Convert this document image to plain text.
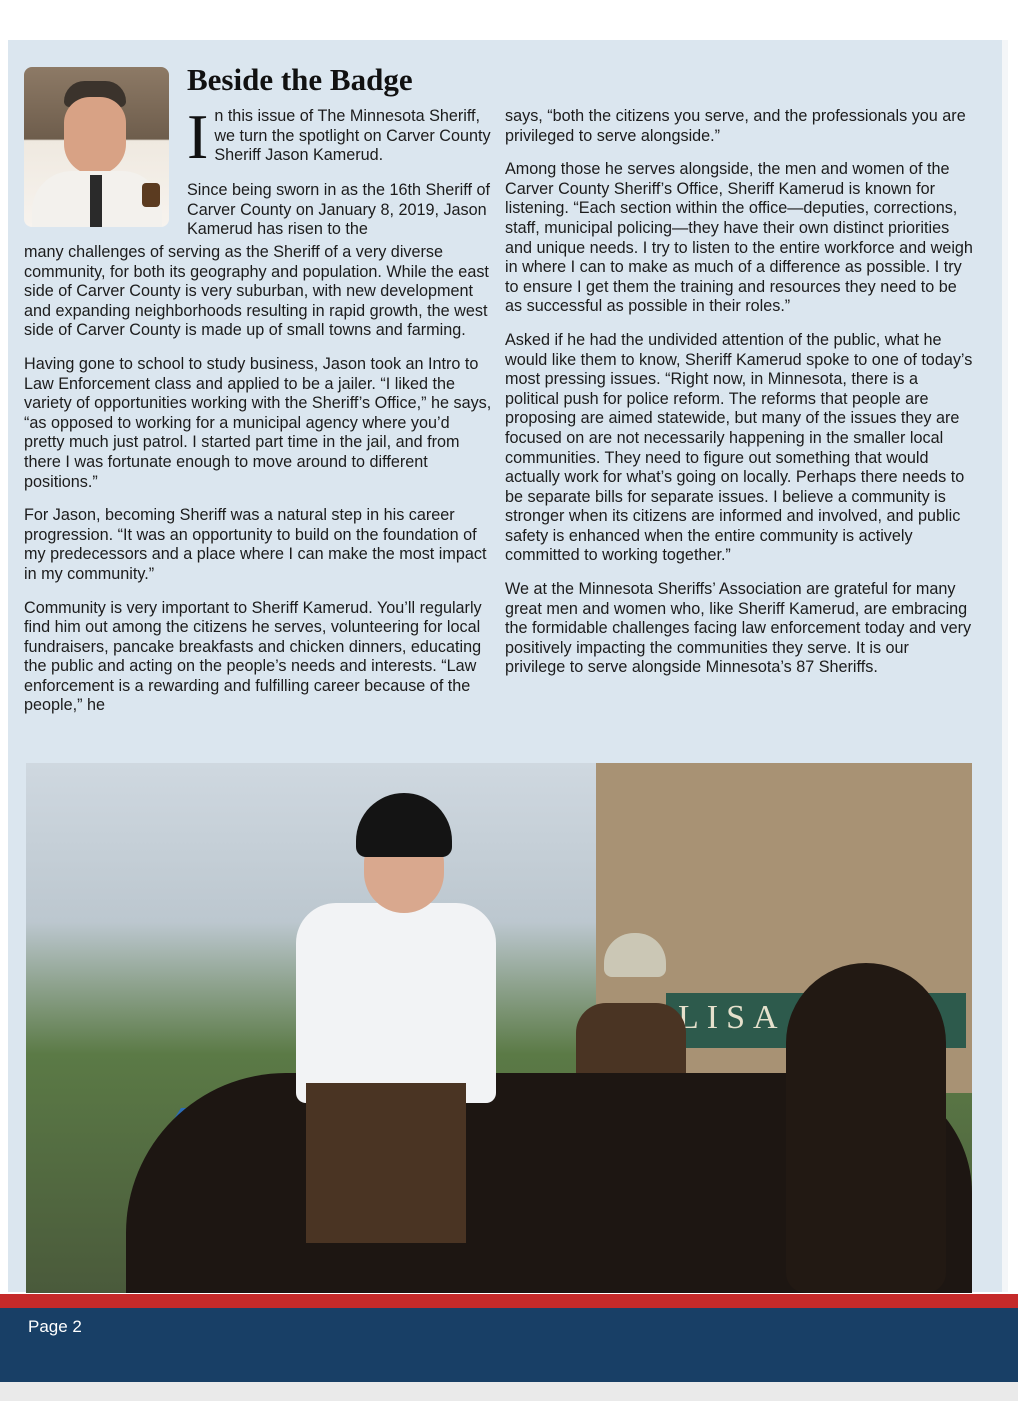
Beside the Badge
I n this issue of The Minnesota Sheriff, we turn the spotlight on Carver County Sheriff Jason Kamerud.
Since being sworn in as the 16th Sheriff of Carver County on January 8, 2019, Jason Kamerud has risen to the

many challenges of serving as the Sheriff of a very diverse community, for both its geography and population. While the east side of Carver County is very suburban, with new development and expanding neighborhoods resulting in rapid growth, the west side of Carver County is made up of small towns and farming.

Having gone to school to study business, Jason took an Intro to Law Enforcement class and applied to be a jailer. “I liked the variety of opportunities working with the Sheriff’s Office,” he says, “as opposed to working for a municipal agency where you’d pretty much just patrol. I started part time in the jail, and from there I was fortunate enough to move around to different positions.”

For Jason, becoming Sheriff was a natural step in his career progression. “It was an opportunity to build on the foundation of my predecessors and a place where I can make the most impact in my community.”

Community is very important to Sheriff Kamerud. You’ll regularly find him out among the citizens he serves, volunteering for local fundraisers, pancake breakfasts and chicken dinners, educating the public and acting on the people’s needs and interests. “Law enforcement is a rewarding and fulfilling career because of the people,” he

says, “both the citizens you serve, and the professionals you are privileged to serve alongside.”

Among those he serves alongside, the men and women of the Carver County Sheriff’s Office, Sheriff Kamerud is known for listening. “Each section within the office—deputies, corrections, staff, municipal policing—they have their own distinct priorities and unique needs. I try to listen to the entire workforce and weigh in where I can to make as much of a difference as possible. I try to ensure I get them the training and resources they need to be as successful as possible in their roles.”

Asked if he had the undivided attention of the public, what he would like them to know, Sheriff Kamerud spoke to one of today’s most pressing issues. “Right now, in Minnesota, there is a political push for police reform. The reforms that people are proposing are aimed statewide, but many of the issues they are focused on are not necessarily happening in the smaller local communities. They need to figure out something that would actually work for what’s going on locally. Perhaps there needs to be separate bills for separate issues. I believe a community is stronger when its citizens are informed and involved, and public safety is enhanced when the entire community is actively committed to working together.”

We at the Minnesota Sheriffs’ Association are grateful for many great men and women who, like Sheriff Kamerud, are embracing the formidable challenges facing law enforcement today and very positively impacting the communities they serve. It is our privilege to serve alongside Minnesota’s 87 Sheriffs.

LISA
Page 2
